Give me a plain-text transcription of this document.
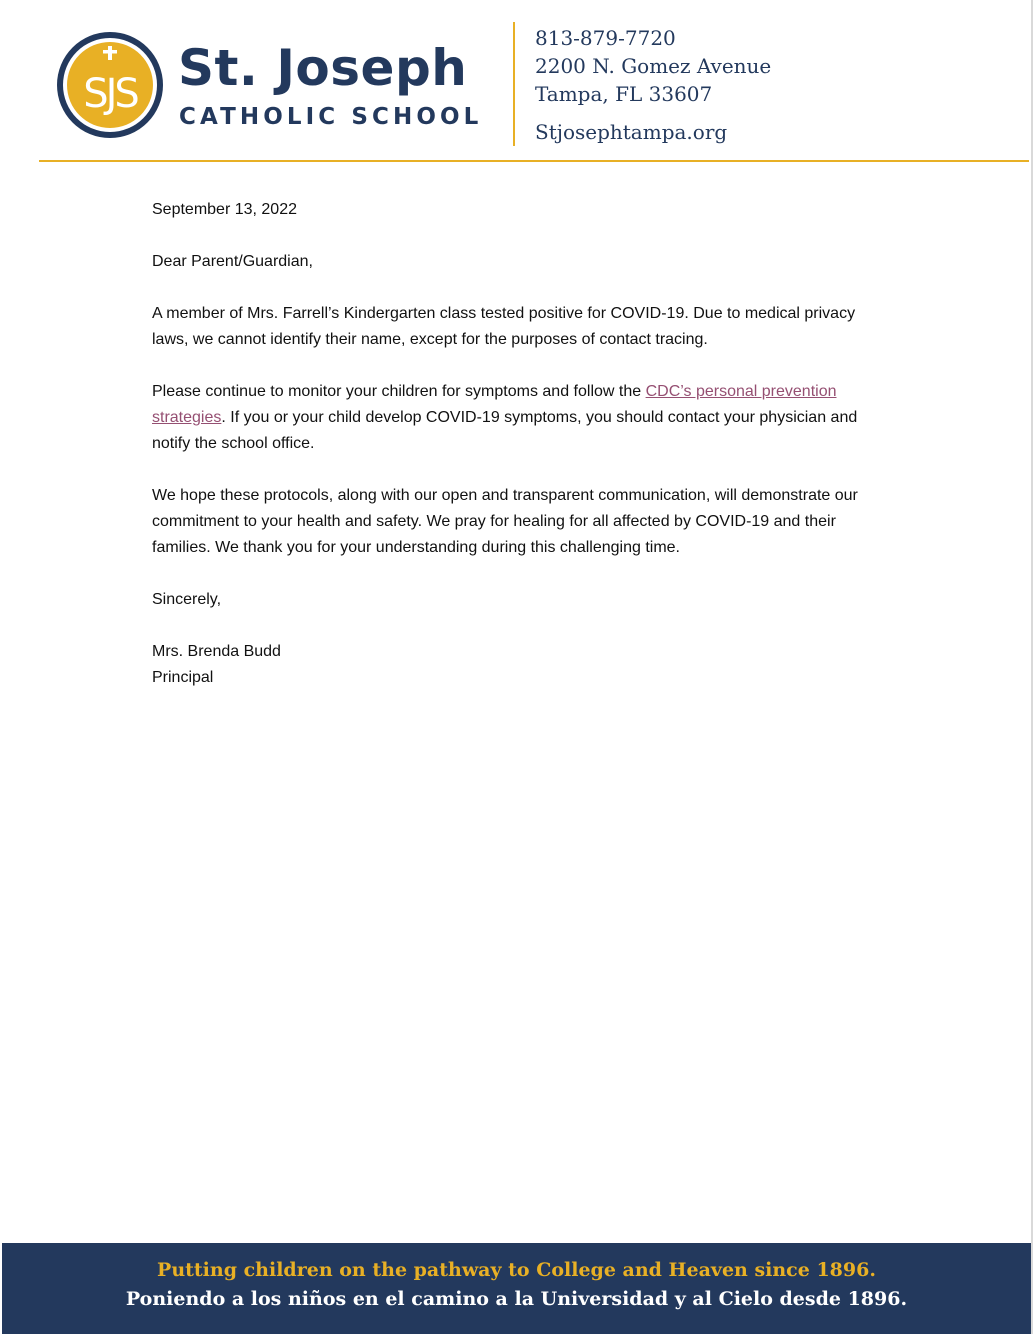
SJS St. Joseph
CATHOLIC SCHOOL
813-879-7720
2200 N. Gomez Avenue
Tampa, FL 33607
Stjosephtampa.org

September 13, 2022

Dear Parent/Guardian,

A member of Mrs. Farrell’s Kindergarten class tested positive for COVID-19. Due to medical privacy laws, we cannot identify their name, except for the purposes of contact tracing.

Please continue to monitor your children for symptoms and follow the CDC’s personal prevention strategies. If you or your child develop COVID-19 symptoms, you should contact your physician and notify the school office.

We hope these protocols, along with our open and transparent communication, will demonstrate our commitment to your health and safety. We pray for healing for all affected by COVID-19 and their families. We thank you for your understanding during this challenging time.

Sincerely,

Mrs. Brenda Budd

Principal

Putting children on the pathway to College and Heaven since 1896.
Poniendo a los niños en el camino a la Universidad y al Cielo desde 1896.
